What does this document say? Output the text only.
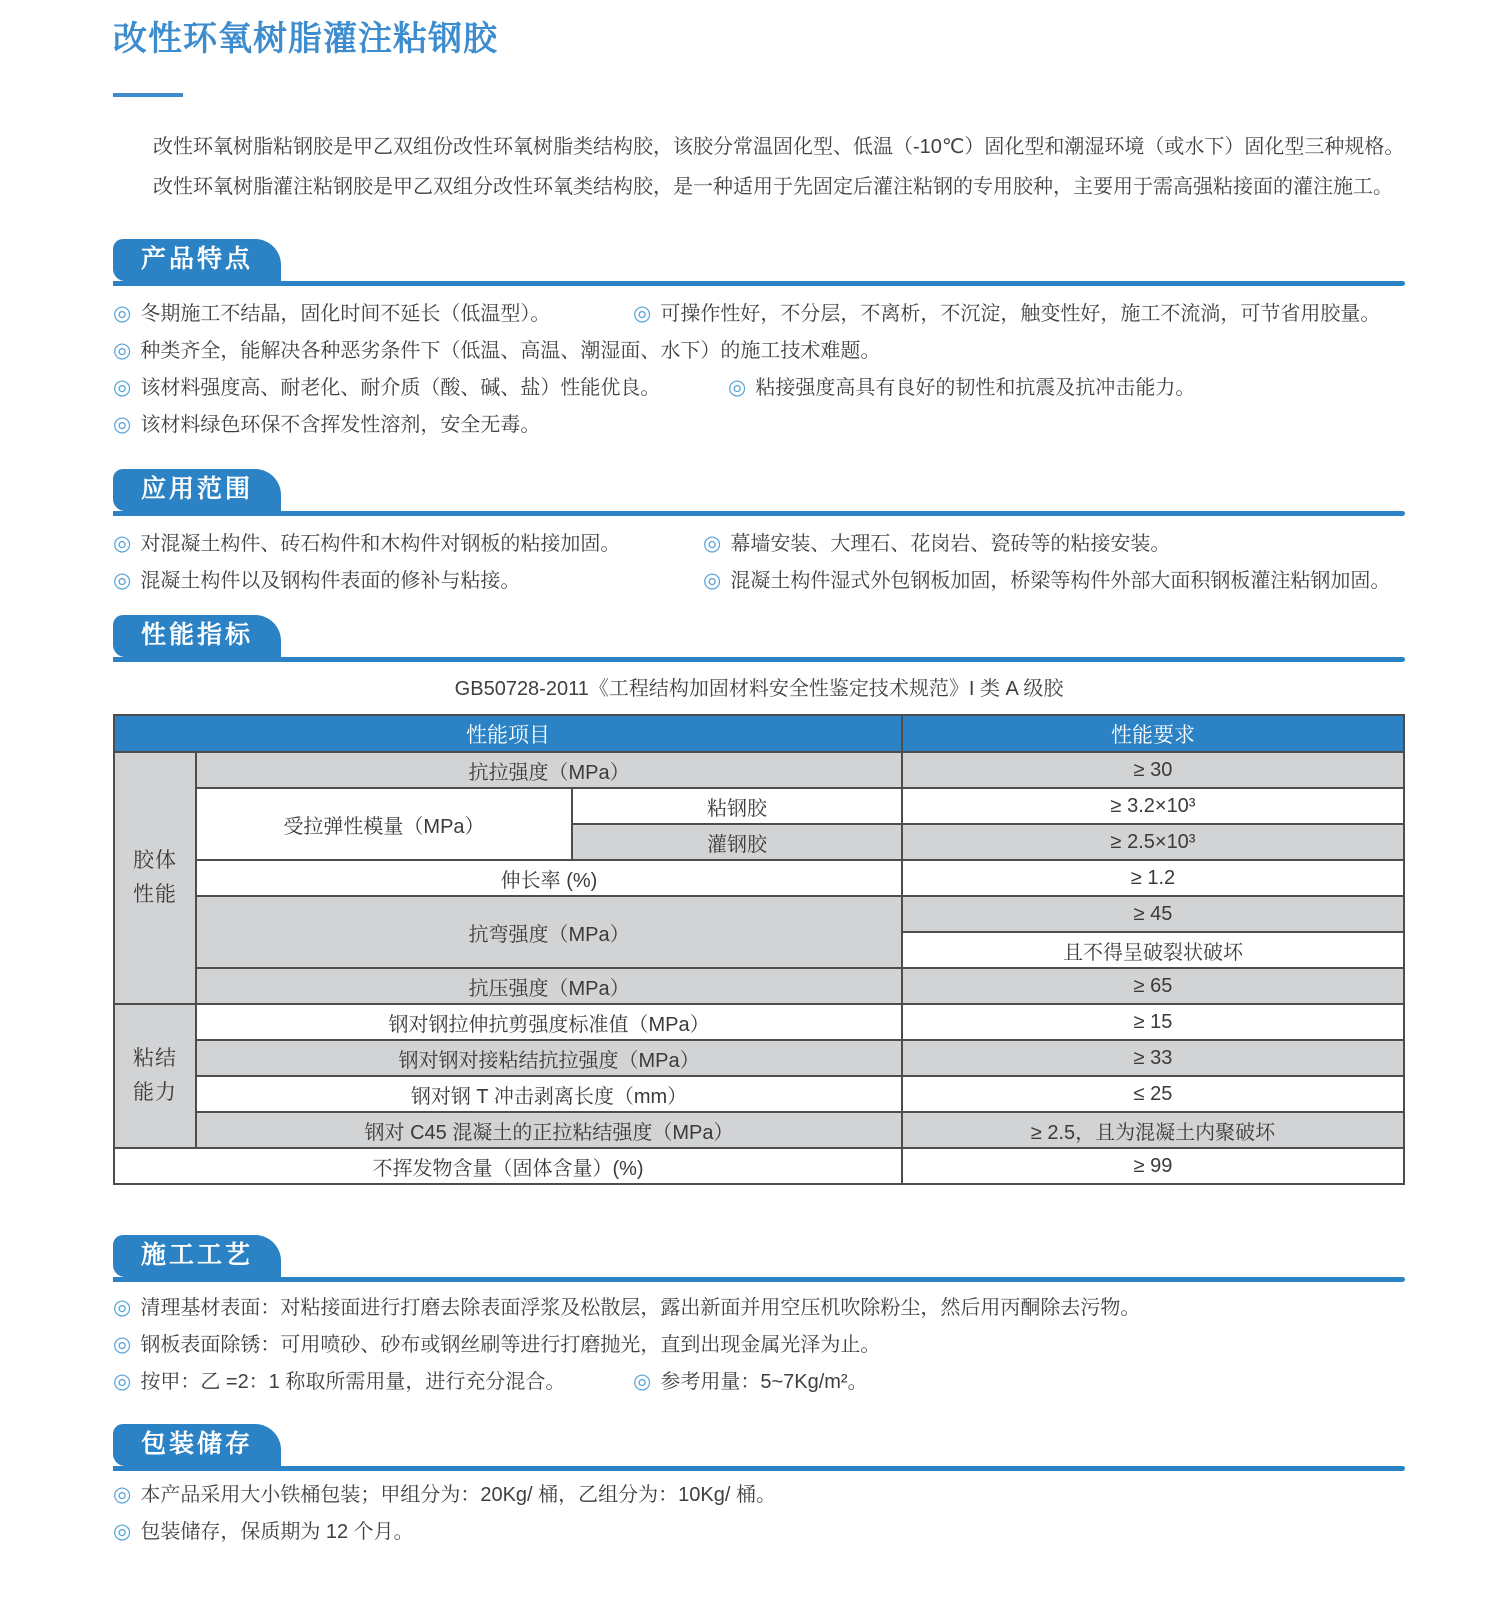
改性环氧树脂灌注粘钢胶

改性环氧树脂粘钢胶是甲乙双组份改性环氧树脂类结构胶，该胶分常温固化型、低温（-10℃）固化型和潮湿环境（或水下）固化型三种规格。

改性环氧树脂灌注粘钢胶是甲乙双组分改性环氧类结构胶，是一种适用于先固定后灌注粘钢的专用胶种，主要用于需高强粘接面的灌注施工。

产品特点
◎ 冬期施工不结晶，固化时间不延长（低温型）。	◎ 可操作性好，不分层，不离析，不沉淀，触变性好，施工不流淌，可节省用胶量。
◎ 种类齐全，能解决各种恶劣条件下（低温、高温、潮湿面、水下）的施工技术难题。
◎ 该材料强度高、耐老化、耐介质（酸、碱、盐）性能优良。	◎ 粘接强度高具有良好的韧性和抗震及抗冲击能力。
◎ 该材料绿色环保不含挥发性溶剂，安全无毒。
应用范围
◎ 对混凝土构件、砖石构件和木构件对钢板的粘接加固。	◎ 幕墙安装、大理石、花岗岩、瓷砖等的粘接安装。
◎ 混凝土构件以及钢构件表面的修补与粘接。	◎ 混凝土构件湿式外包钢板加固，桥梁等构件外部大面积钢板灌注粘钢加固。
性能指标
GB50728-2011《工程结构加固材料安全性鉴定技术规范》I 类 A 级胶
性能项目			性能要求
胶体性能	抗拉强度（MPa）		≥ 30
	受拉弹性模量（MPa）	粘钢胶	≥ 3.2×10³
		灌钢胶	≥ 2.5×10³
	伸长率 (%)		≥ 1.2
	抗弯强度（MPa）		≥ 45
			且不得呈破裂状破坏
	抗压强度（MPa）		≥ 65
粘结能力	钢对钢拉伸抗剪强度标准值（MPa）		≥ 15
	钢对钢对接粘结抗拉强度（MPa）		≥ 33
	钢对钢 T 冲击剥离长度（mm）		≤ 25
	钢对 C45 混凝土的正拉粘结强度（MPa）		≥ 2.5，且为混凝土内聚破坏
不挥发物含量（固体含量）(%)			≥ 99
施工工艺
◎ 清理基材表面：对粘接面进行打磨去除表面浮浆及松散层，露出新面并用空压机吹除粉尘，然后用丙酮除去污物。
◎ 钢板表面除锈：可用喷砂、砂布或钢丝刷等进行打磨抛光，直到出现金属光泽为止。
◎ 按甲：乙 =2：1 称取所需用量，进行充分混合。	◎ 参考用量：5~7Kg/m²。
包装储存
◎ 本产品采用大小铁桶包装；甲组分为：20Kg/ 桶，乙组分为：10Kg/ 桶。
◎ 包装储存，保质期为 12 个月。
